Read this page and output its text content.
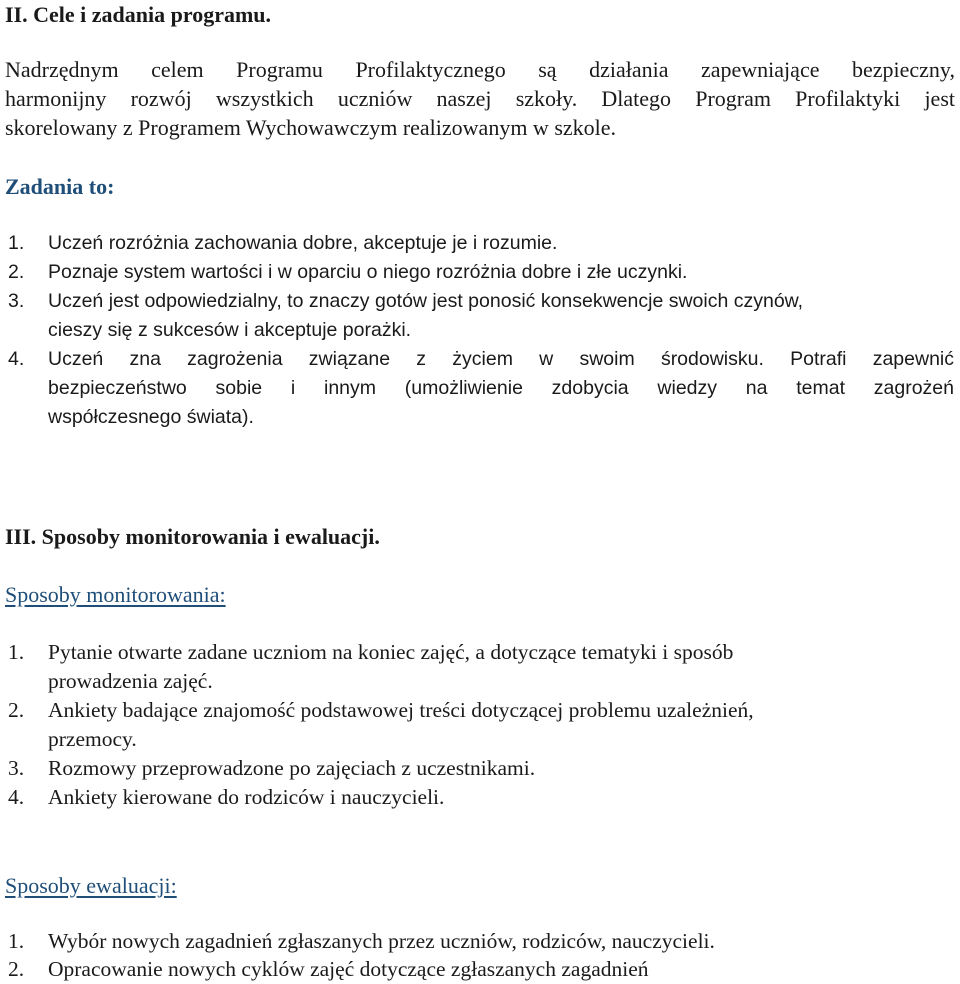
II. Cele i zadania programu.
Nadrzędnym celem Programu Profilaktycznego są działania zapewniające bezpieczny,
harmonijny rozwój wszystkich uczniów naszej szkoły. Dlatego Program Profilaktyki jest
skorelowany z Programem Wychowawczym realizowanym w szkole.
Zadania to:
1. Uczeń rozróżnia zachowania dobre, akceptuje je i rozumie.
2. Poznaje system wartości i w oparciu o niego rozróżnia dobre i złe uczynki.
3. Uczeń jest odpowiedzialny, to znaczy gotów jest ponosić konsekwencje swoich czynów,
cieszy się z sukcesów i akceptuje porażki.
4.	Uczeń zna zagrożenia związane z życiem w swoim środowisku. Potrafi zapewnić
bezpieczeństwo sobie i innym (umożliwienie zdobycia wiedzy na temat zagrożeń
współczesnego świata).
III. Sposoby monitorowania i ewaluacji.
Sposoby monitorowania:
1. Pytanie otwarte zadane uczniom na koniec zajęć, a dotyczące tematyki i sposób
prowadzenia zajęć.
2. Ankiety badające znajomość podstawowej treści dotyczącej problemu uzależnień,
przemocy.
3. Rozmowy przeprowadzone po zajęciach z uczestnikami.
4. Ankiety kierowane do rodziców i nauczycieli.
Sposoby ewaluacji:
1. Wybór nowych zagadnień zgłaszanych przez uczniów, rodziców, nauczycieli.
2. Opracowanie nowych cyklów zajęć dotyczące zgłaszanych zagadnień
